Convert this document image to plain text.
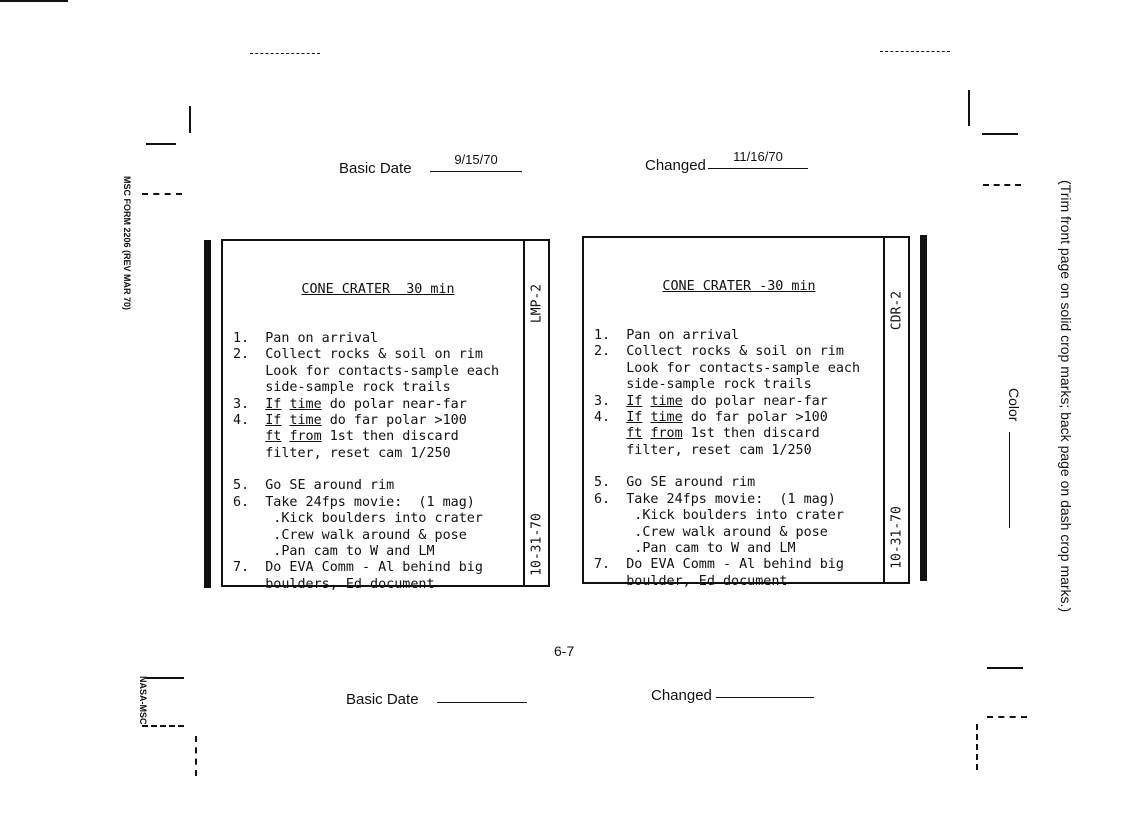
Basic Date
9/15/70	Changed
11/16/70
MSC FORM 2206 (REV MAR 70)
NASA-MSC
(Trim front page on solid crop marks; back page on dash crop marks.)
Color

CONE CRATER  30 min

1.  Pan on arrival
2.  Collect rocks & soil on rim
Look for contacts-sample each
side-sample rock trails
3.  If time do polar near-far
4.  If time do far polar >100
ft from 1st then discard
filter, reset cam 1/250
5.  Go SE around rim
6.  Take 24fps movie:  (1 mag)
.Kick boulders into crater
.Crew walk around & pose
.Pan cam to W and LM
7.  Do EVA Comm - Al behind big
boulders, Ed document
LMP-2
10-31-70

CONE CRATER -30 min

1.  Pan on arrival
2.  Collect rocks & soil on rim
Look for contacts-sample each
side-sample rock trails
3.  If time do polar near-far
4.  If time do far polar >100
ft from 1st then discard
filter, reset cam 1/250
5.  Go SE around rim
6.  Take 24fps movie:  (1 mag)
.Kick boulders into crater
.Crew walk around & pose
.Pan cam to W and LM
7.  Do EVA Comm - Al behind big
boulder, Ed document
CDR-2
10-31-70
6-7
Basic Date	Changed
